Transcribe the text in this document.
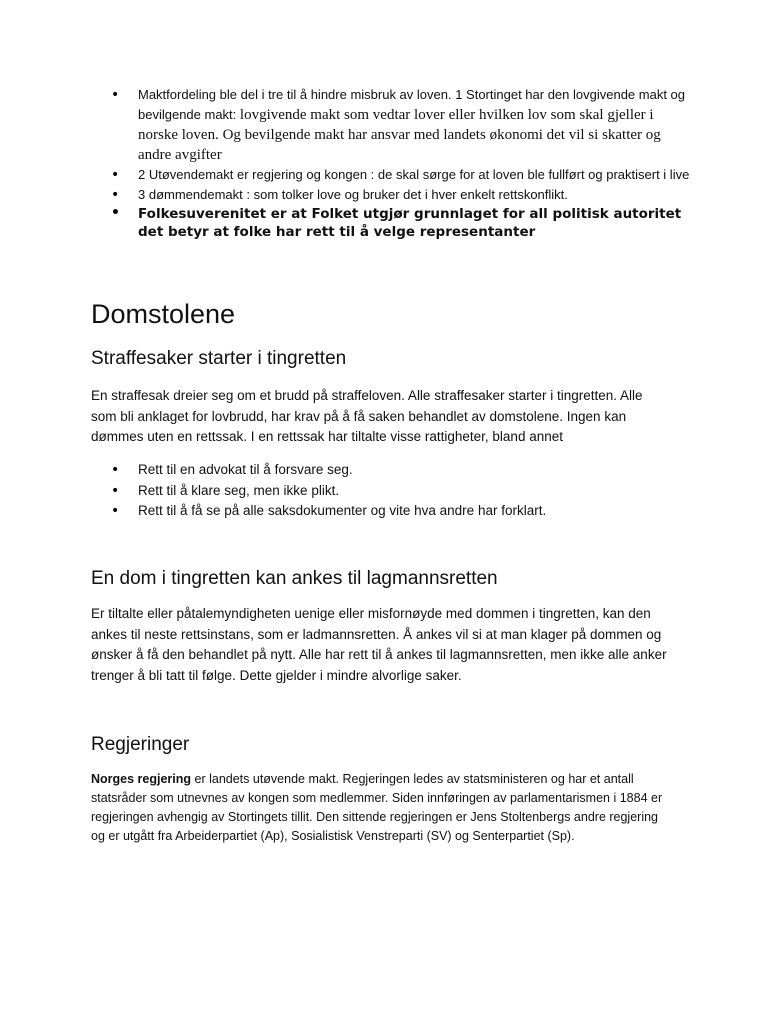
• Maktfordeling ble del i tre til å hindre misbruk av loven. 1 Stortinget har den lovgivende makt og bevilgende makt: lovgivende makt som vedtar lover eller hvilken lov som skal gjeller i norske loven. Og bevilgende makt har ansvar med landets økonomi det vil si skatter og andre avgifter
• 2 Utøvendemakt er regjering og kongen : de skal sørge for at loven ble fullført og praktisert i live
• 3 dømmendemakt : som tolker love og bruker det i hver enkelt rettskonflikt.
• Folkesuverenitet er at Folket utgjør grunnlaget for all politisk autoritet det betyr at folke har rett til å velge representanter
Domstolene
Straffesaker starter i tingretten

En straffesak dreier seg om et brudd på straffeloven. Alle straffesaker starter i tingretten. Alle som bli anklaget for lovbrudd, har krav på å få saken behandlet av domstolene. Ingen kan dømmes uten en rettssak. I en rettssak har tiltalte visse rattigheter, bland annet

• Rett til en advokat til å forsvare seg.
• Rett til å klare seg, men ikke plikt.
• Rett til å få se på alle saksdokumenter og vite hva andre har forklart.
En dom i tingretten kan ankes til lagmannsretten

Er tiltalte eller påtalemyndigheten uenige eller misfornøyde med dommen i tingretten, kan den ankes til neste rettsinstans, som er ladmannsretten. Å ankes vil si at man klager på dommen og ønsker å få den behandlet på nytt. Alle har rett til å ankes til lagmannsretten, men ikke alle anker trenger å bli tatt til følge. Dette gjelder i mindre alvorlige saker.

Regjeringer

Norges regjering er landets utøvende makt. Regjeringen ledes av statsministeren og har et antall statsråder som utnevnes av kongen som medlemmer. Siden innføringen av parlamentarismen i 1884 er regjeringen avhengig av Stortingets tillit. Den sittende regjeringen er Jens Stoltenbergs andre regjering og er utgått fra Arbeiderpartiet (Ap), Sosialistisk Venstreparti (SV) og Senterpartiet (Sp).
